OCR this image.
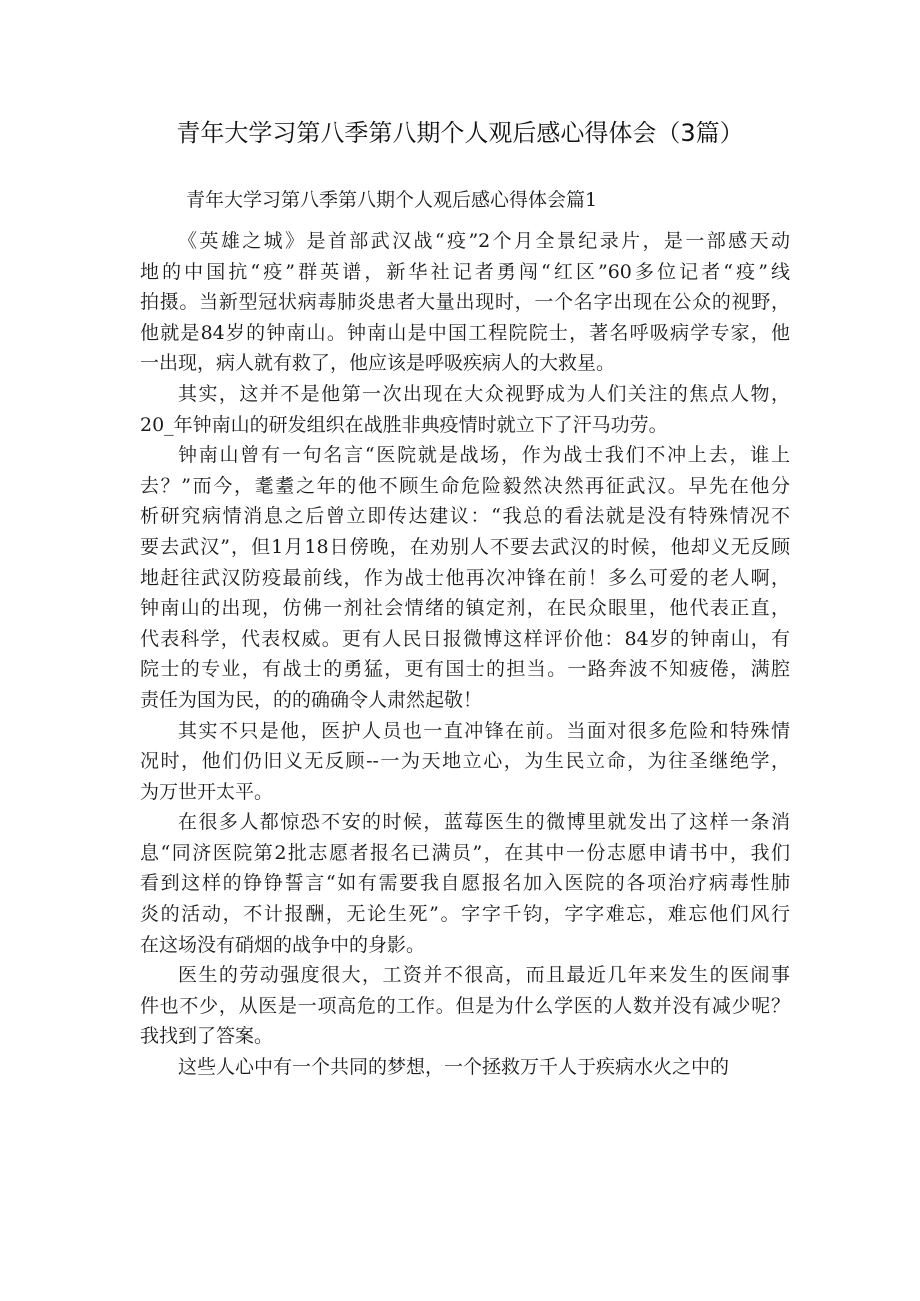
青年大学习第八季第八期个人观后感心得体会（3篇）
青年大学习第八季第八期个人观后感心得体会篇1
《英雄之城》是首部武汉战“疫”2个月全景纪录片，是一部感天动
地的中国抗“疫”群英谱，新华社记者勇闯“红区”60多位记者“疫”线
拍摄。当新型冠状病毒肺炎患者大量出现时，一个名字出现在公众的视野，
他就是84岁的钟南山。钟南山是中国工程院院士，著名呼吸病学专家，他
一出现，病人就有救了，他应该是呼吸疾病人的大救星。
其实，这并不是他第一次出现在大众视野成为人们关注的焦点人物，
20_年钟南山的研发组织在战胜非典疫情时就立下了汗马功劳。
钟南山曾有一句名言“医院就是战场，作为战士我们不冲上去，谁上
去？”而今，耄耋之年的他不顾生命危险毅然决然再征武汉。早先在他分
析研究病情消息之后曾立即传达建议：“我总的看法就是没有特殊情况不
要去武汉”，但1月18日傍晚，在劝别人不要去武汉的时候，他却义无反顾
地赶往武汉防疫最前线，作为战士他再次冲锋在前！多么可爱的老人啊，
钟南山的出现，仿佛一剂社会情绪的镇定剂，在民众眼里，他代表正直，
代表科学，代表权威。更有人民日报微博这样评价他：84岁的钟南山，有
院士的专业，有战士的勇猛，更有国士的担当。一路奔波不知疲倦，满腔
责任为国为民，的的确确令人肃然起敬！
其实不只是他，医护人员也一直冲锋在前。当面对很多危险和特殊情
况时，他们仍旧义无反顾--一为天地立心，为生民立命，为往圣继绝学，
为万世开太平。
在很多人都惊恐不安的时候，蓝莓医生的微博里就发出了这样一条消
息“同济医院第2批志愿者报名已满员”，在其中一份志愿申请书中，我们
看到这样的铮铮誓言“如有需要我自愿报名加入医院的各项治疗病毒性肺
炎的活动，不计报酬，无论生死”。字字千钧，字字难忘，难忘他们风行
在这场没有硝烟的战争中的身影。
医生的劳动强度很大，工资并不很高，而且最近几年来发生的医闹事
件也不少，从医是一项高危的工作。但是为什么学医的人数并没有减少呢？
我找到了答案。
这些人心中有一个共同的梦想，一个拯救万千人于疾病水火之中的
